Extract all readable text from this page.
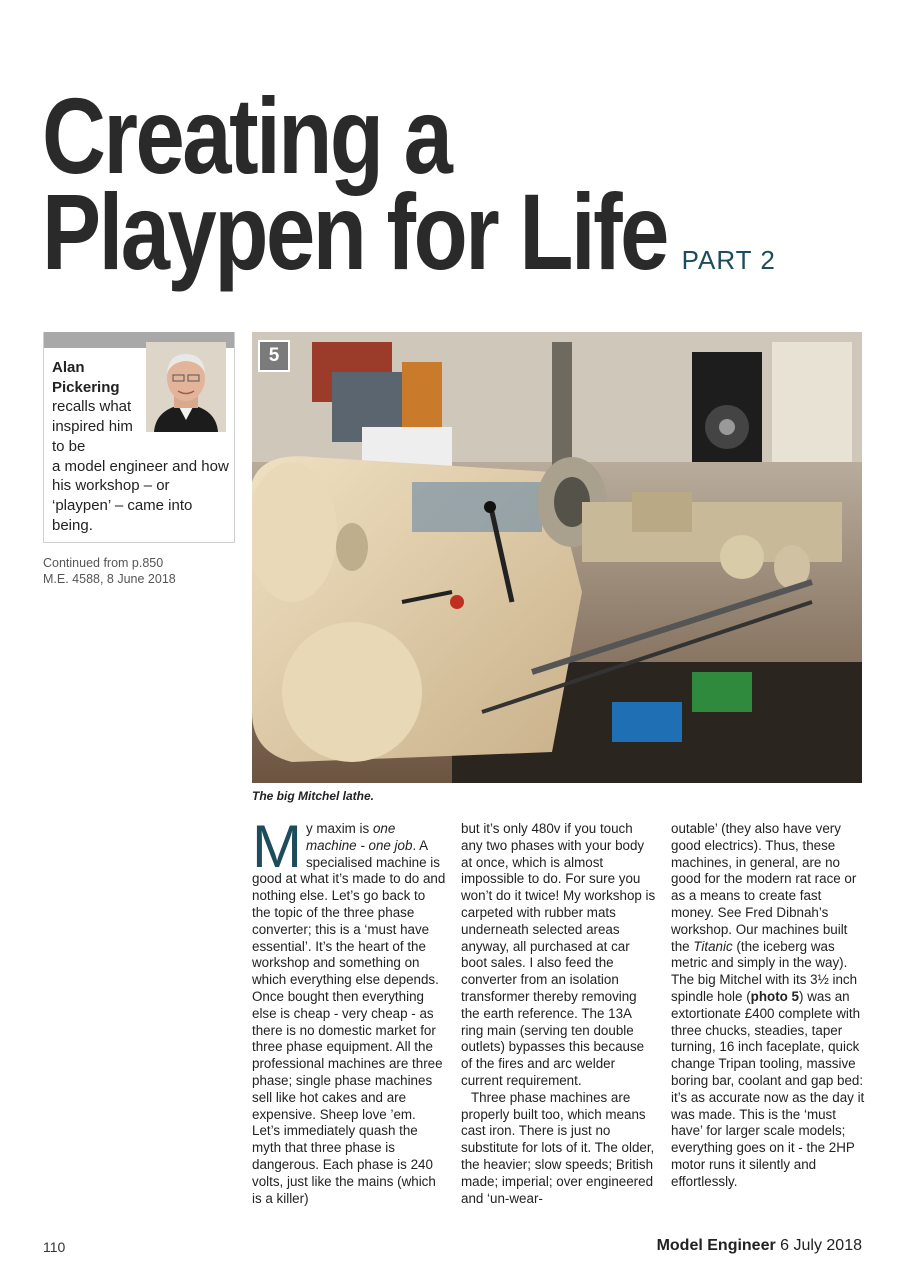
Creating a
Playpen for Life PART 2
Alan
Pickering
recalls what inspired him to be
a model engineer and how his workshop – or ‘playpen’ – came into being.
Continued from p.850
M.E. 4588, 8 June 2018
5
The big Mitchel lathe.

My maxim is one machine - one job. A specialised machine is good at what it’s made to do and nothing else. Let’s go back to the topic of the three phase converter; this is a ‘must have essential’. It’s the heart of the workshop and something on which everything else depends. Once bought then everything else is cheap - very cheap - as there is no domestic market for three phase equipment. All the professional machines are three phase; single phase machines sell like hot cakes and are expensive. Sheep love ’em. Let’s immediately quash the myth that three phase is dangerous. Each phase is 240 volts, just like the mains (which is a killer)

but it’s only 480v if you touch any two phases with your body at once, which is almost impossible to do. For sure you won’t do it twice! My workshop is carpeted with rubber mats underneath selected areas anyway, all purchased at car boot sales. I also feed the converter from an isolation transformer thereby removing the earth reference. The 13A ring main (serving ten double outlets) bypasses this because of the fires and arc welder current requirement.

Three phase machines are properly built too, which means cast iron. There is just no substitute for lots of it. The older, the heavier; slow speeds; British made; imperial; over engineered and ‘un-wear-

outable’ (they also have very good electrics). Thus, these machines, in general, are no good for the modern rat race or as a means to create fast money. See Fred Dibnah’s workshop. Our machines built the Titanic (the iceberg was metric and simply in the way). The big Mitchel with its 3½ inch spindle hole (photo 5) was an extortionate £400 complete with three chucks, steadies, taper turning, 16 inch faceplate, quick change Tripan tooling, massive boring bar, coolant and gap bed: it’s as accurate now as the day it was made. This is the ‘must have’ for larger scale models; everything goes on it - the 2HP motor runs it silently and effortlessly.

110	Model Engineer 6 July 2018
